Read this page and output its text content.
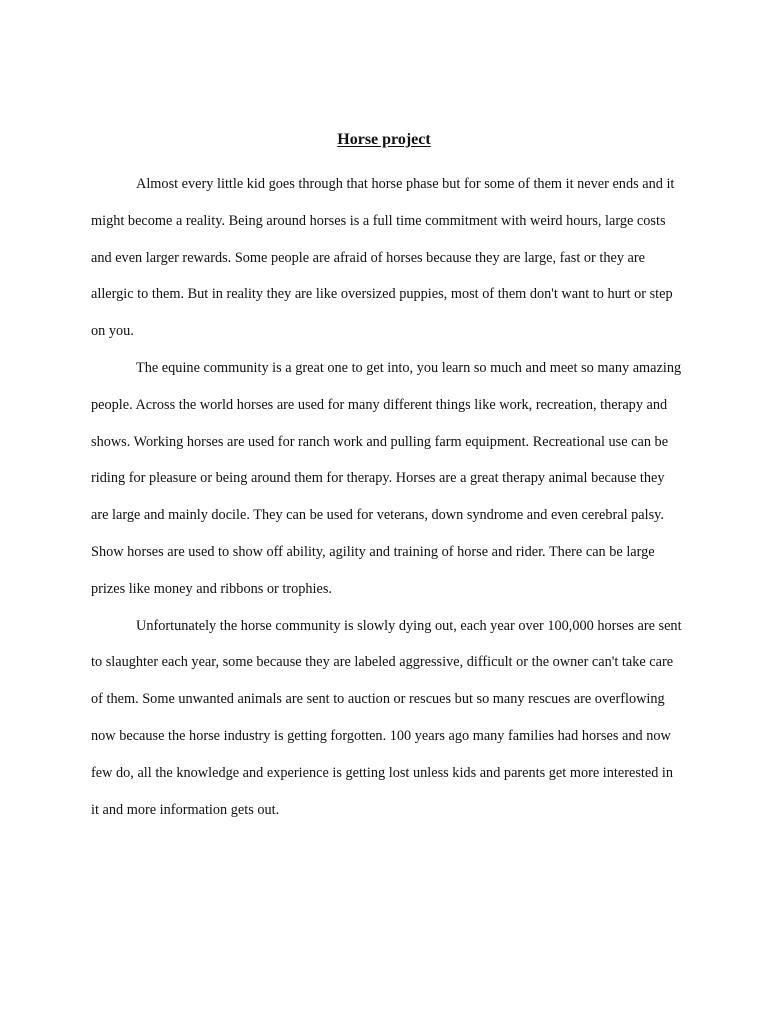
Horse project

Almost every little kid goes through that horse phase but for some of them it never ends and it might become a reality. Being around horses is a full time commitment with weird hours, large costs and even larger rewards. Some people are afraid of horses because they are large, fast or they are allergic to them. But in reality they are like oversized puppies, most of them don't want to hurt or step on you.

The equine community is a great one to get into, you learn so much and meet so many amazing people. Across the world horses are used for many different things like work, recreation, therapy and shows. Working horses are used for ranch work and pulling farm equipment. Recreational use can be riding for pleasure or being around them for therapy. Horses are a great therapy animal because they are large and mainly docile. They can be used for veterans, down syndrome and even cerebral palsy. Show horses are used to show off ability, agility and training of horse and rider. There can be large prizes like money and ribbons or trophies.

Unfortunately the horse community is slowly dying out, each year over 100,000 horses are sent to slaughter each year, some because they are labeled aggressive, difficult or the owner can't take care of them. Some unwanted animals are sent to auction or rescues but so many rescues are overflowing now because the horse industry is getting forgotten. 100 years ago many families had horses and now few do, all the knowledge and experience is getting lost unless kids and parents get more interested in it and more information gets out.
